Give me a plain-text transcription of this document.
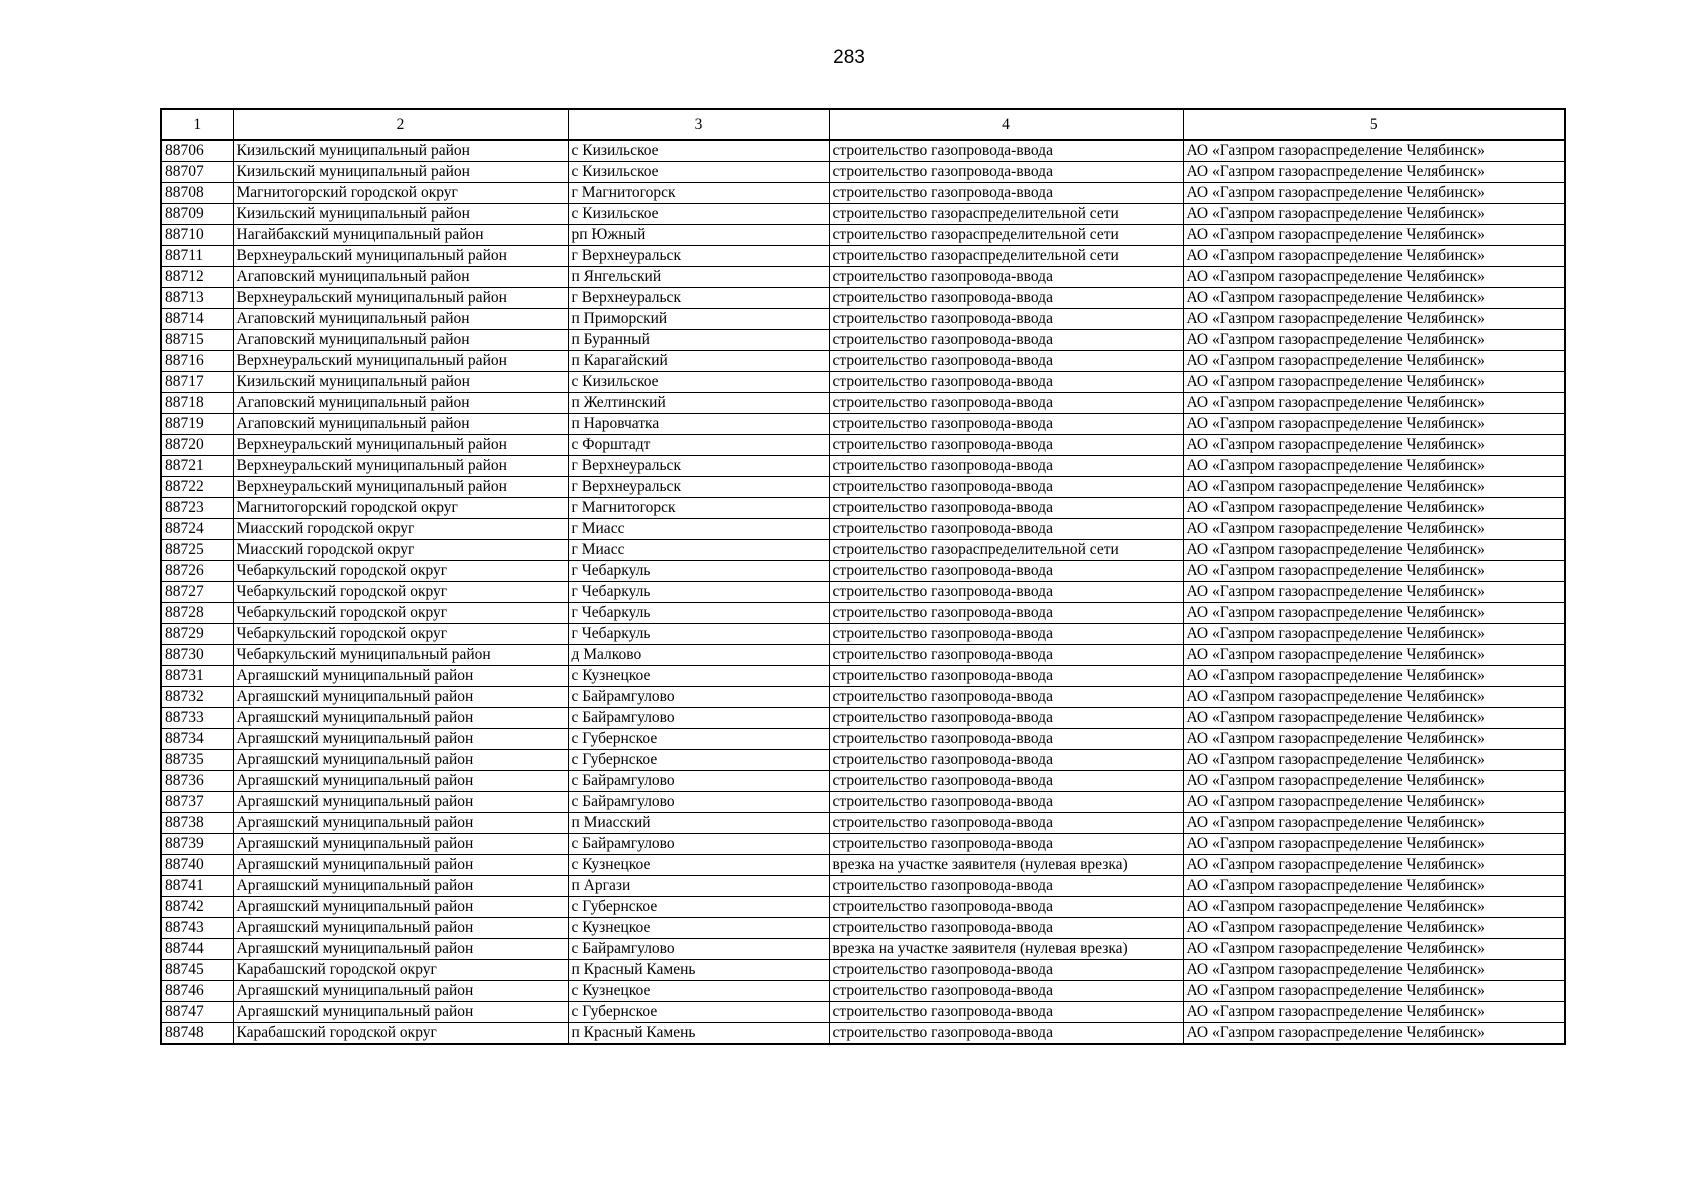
283
1	2	3	4	5
88706	Кизильский муниципальный район	с Кизильское	строительство газопровода-ввода	АО «Газпром газораспределение Челябинск»
88707	Кизильский муниципальный район	с Кизильское	строительство газопровода-ввода	АО «Газпром газораспределение Челябинск»
88708	Магнитогорский городской округ	г Магнитогорск	строительство газопровода-ввода	АО «Газпром газораспределение Челябинск»
88709	Кизильский муниципальный район	с Кизильское	строительство газораспределительной сети	АО «Газпром газораспределение Челябинск»
88710	Нагайбакский муниципальный район	рп Южный	строительство газораспределительной сети	АО «Газпром газораспределение Челябинск»
88711	Верхнеуральский муниципальный район	г Верхнеуральск	строительство газораспределительной сети	АО «Газпром газораспределение Челябинск»
88712	Агаповский муниципальный район	п Янгельский	строительство газопровода-ввода	АО «Газпром газораспределение Челябинск»
88713	Верхнеуральский муниципальный район	г Верхнеуральск	строительство газопровода-ввода	АО «Газпром газораспределение Челябинск»
88714	Агаповский муниципальный район	п Приморский	строительство газопровода-ввода	АО «Газпром газораспределение Челябинск»
88715	Агаповский муниципальный район	п Буранный	строительство газопровода-ввода	АО «Газпром газораспределение Челябинск»
88716	Верхнеуральский муниципальный район	п Карагайский	строительство газопровода-ввода	АО «Газпром газораспределение Челябинск»
88717	Кизильский муниципальный район	с Кизильское	строительство газопровода-ввода	АО «Газпром газораспределение Челябинск»
88718	Агаповский муниципальный район	п Желтинский	строительство газопровода-ввода	АО «Газпром газораспределение Челябинск»
88719	Агаповский муниципальный район	п Наровчатка	строительство газопровода-ввода	АО «Газпром газораспределение Челябинск»
88720	Верхнеуральский муниципальный район	с Форштадт	строительство газопровода-ввода	АО «Газпром газораспределение Челябинск»
88721	Верхнеуральский муниципальный район	г Верхнеуральск	строительство газопровода-ввода	АО «Газпром газораспределение Челябинск»
88722	Верхнеуральский муниципальный район	г Верхнеуральск	строительство газопровода-ввода	АО «Газпром газораспределение Челябинск»
88723	Магнитогорский городской округ	г Магнитогорск	строительство газопровода-ввода	АО «Газпром газораспределение Челябинск»
88724	Миасский городской округ	г Миасс	строительство газопровода-ввода	АО «Газпром газораспределение Челябинск»
88725	Миасский городской округ	г Миасс	строительство газораспределительной сети	АО «Газпром газораспределение Челябинск»
88726	Чебаркульский городской округ	г Чебаркуль	строительство газопровода-ввода	АО «Газпром газораспределение Челябинск»
88727	Чебаркульский городской округ	г Чебаркуль	строительство газопровода-ввода	АО «Газпром газораспределение Челябинск»
88728	Чебаркульский городской округ	г Чебаркуль	строительство газопровода-ввода	АО «Газпром газораспределение Челябинск»
88729	Чебаркульский городской округ	г Чебаркуль	строительство газопровода-ввода	АО «Газпром газораспределение Челябинск»
88730	Чебаркульский муниципальный район	д Малково	строительство газопровода-ввода	АО «Газпром газораспределение Челябинск»
88731	Аргаяшский муниципальный район	с Кузнецкое	строительство газопровода-ввода	АО «Газпром газораспределение Челябинск»
88732	Аргаяшский муниципальный район	с Байрамгулово	строительство газопровода-ввода	АО «Газпром газораспределение Челябинск»
88733	Аргаяшский муниципальный район	с Байрамгулово	строительство газопровода-ввода	АО «Газпром газораспределение Челябинск»
88734	Аргаяшский муниципальный район	с Губернское	строительство газопровода-ввода	АО «Газпром газораспределение Челябинск»
88735	Аргаяшский муниципальный район	с Губернское	строительство газопровода-ввода	АО «Газпром газораспределение Челябинск»
88736	Аргаяшский муниципальный район	с Байрамгулово	строительство газопровода-ввода	АО «Газпром газораспределение Челябинск»
88737	Аргаяшский муниципальный район	с Байрамгулово	строительство газопровода-ввода	АО «Газпром газораспределение Челябинск»
88738	Аргаяшский муниципальный район	п Миасский	строительство газопровода-ввода	АО «Газпром газораспределение Челябинск»
88739	Аргаяшский муниципальный район	с Байрамгулово	строительство газопровода-ввода	АО «Газпром газораспределение Челябинск»
88740	Аргаяшский муниципальный район	с Кузнецкое	врезка на участке заявителя (нулевая врезка)	АО «Газпром газораспределение Челябинск»
88741	Аргаяшский муниципальный район	п Аргази	строительство газопровода-ввода	АО «Газпром газораспределение Челябинск»
88742	Аргаяшский муниципальный район	с Губернское	строительство газопровода-ввода	АО «Газпром газораспределение Челябинск»
88743	Аргаяшский муниципальный район	с Кузнецкое	строительство газопровода-ввода	АО «Газпром газораспределение Челябинск»
88744	Аргаяшский муниципальный район	с Байрамгулово	врезка на участке заявителя (нулевая врезка)	АО «Газпром газораспределение Челябинск»
88745	Карабашский городской округ	п Красный Камень	строительство газопровода-ввода	АО «Газпром газораспределение Челябинск»
88746	Аргаяшский муниципальный район	с Кузнецкое	строительство газопровода-ввода	АО «Газпром газораспределение Челябинск»
88747	Аргаяшский муниципальный район	с Губернское	строительство газопровода-ввода	АО «Газпром газораспределение Челябинск»
88748	Карабашский городской округ	п Красный Камень	строительство газопровода-ввода	АО «Газпром газораспределение Челябинск»
